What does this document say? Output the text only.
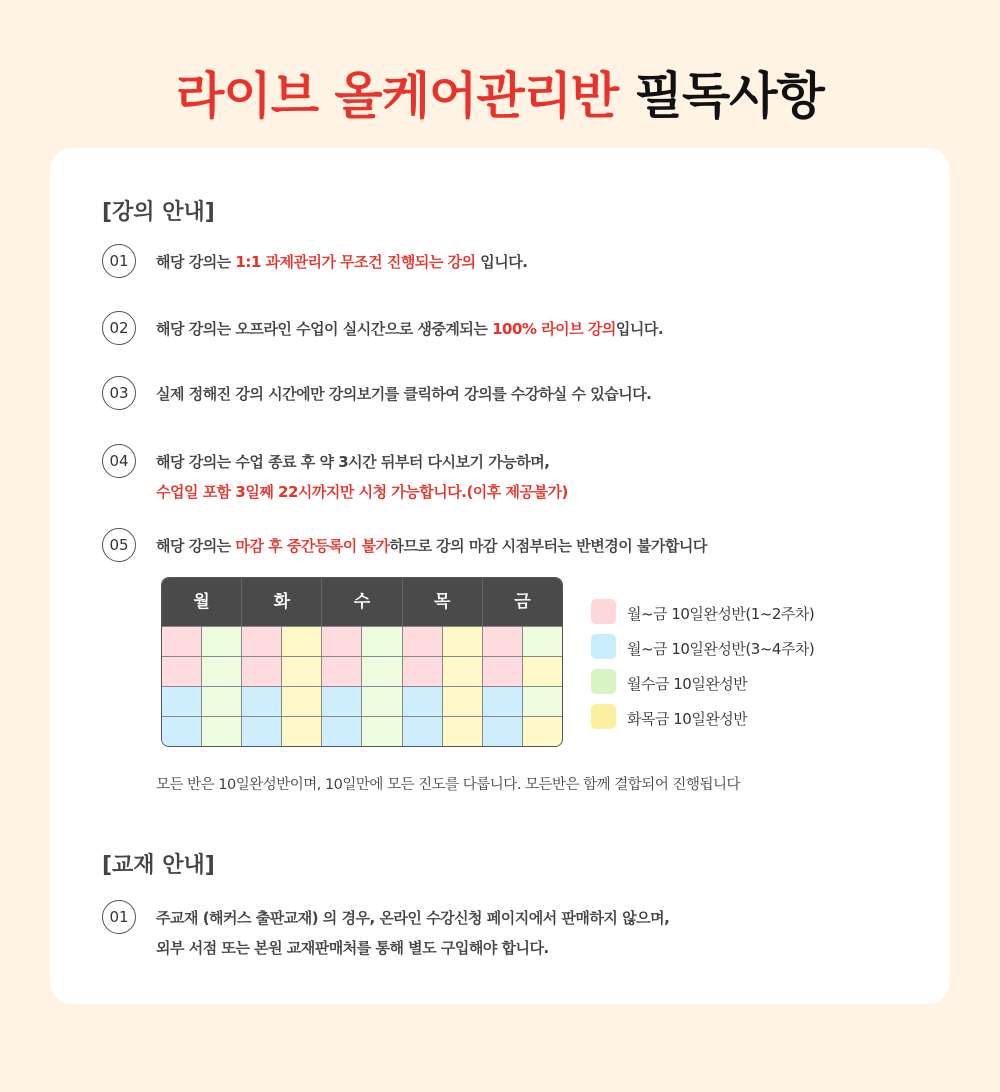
라이브 올케어관리반 필독사항
[강의 안내]
01	해당 강의는 1:1 과제관리가 무조건 진행되는 강의 입니다.
02	해당 강의는 오프라인 수업이 실시간으로 생중계되는 100% 라이브 강의입니다.
03	실제 정해진 강의 시간에만 강의보기를 클릭하여 강의를 수강하실 수 있습니다.
04	해당 강의는 수업 종료 후 약 3시간 뒤부터 다시보기 가능하며,
수업일 포함 3일째 22시까지만 시청 가능합니다.(이후 제공불가)
05	해당 강의는 마감 후 중간등록이 불가하므로 강의 마감 시점부터는 반변경이 불가합니다
월	화	수	목	금
월~금 10일완성반(1~2주차)
월~금 10일완성반(3~4주차)
월수금 10일완성반
화목금 10일완성반
모든 반은 10일완성반이며, 10일만에 모든 진도를 다룹니다. 모든반은 함께 결합되어 진행됩니다
[교재 안내]
01	주교재 (해커스 출판교재) 의 경우, 온라인 수강신청 페이지에서 판매하지 않으며,
외부 서점 또는 본원 교재판매처를 통해 별도 구입해야 합니다.
